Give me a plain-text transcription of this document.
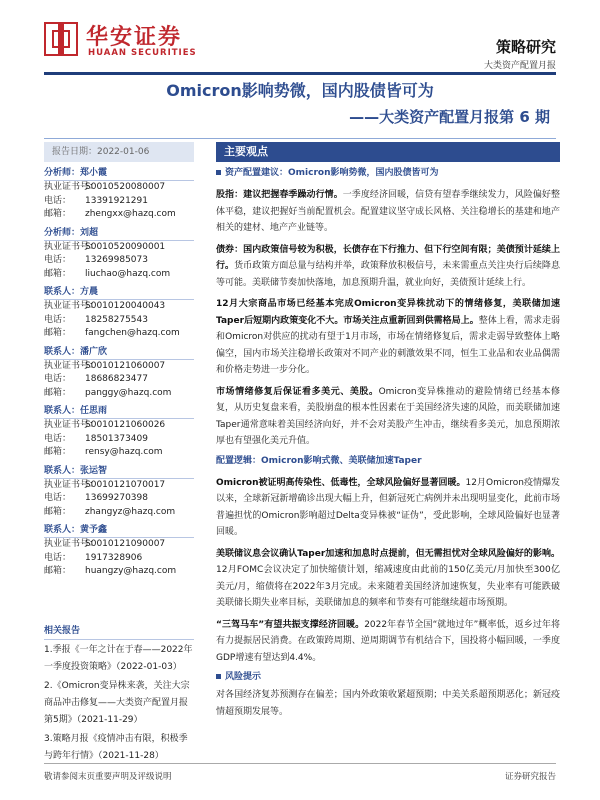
华安证券
HUAAN SECURITIES	策略研究
大类资产配置月报
Omicron影响势微，国内股债皆可为
——大类资产配置月报第 6 期
报告日期：2022-01-06
分析师：郑小霞
执业证书号：S0010520080007
电话： 13391921291
邮箱： zhengxx@hazq.com
分析师：刘超
执业证书号：S0010520090001
电话： 13269985073
邮箱： liuchao@hazq.com
联系人：方晨
执业证书号：S0010120040043
电话： 18258275543
邮箱： fangchen@hazq.com
联系人：潘广欣
执业证书号：S0010121060007
电话： 18686823477
邮箱： panggy@hazq.com
联系人：任思雨
执业证书号：S0010121060026
电话： 18501373409
邮箱： rensy@hazq.com
联系人：张运智
执业证书号：S0010121070017
电话： 13699270398
邮箱： zhangyz@hazq.com
联系人：黄予鑫
执业证书号：S0010121090007
电话： 1917328906
邮箱： huangzy@hazq.com
相关报告
1.季报《一年之计在于春——2022年一季度投资策略》（2022-01-03）
2.《Omicron变异株来袭，关注大宗商品冲击修复——大类资产配置月报第5期》（2021-11-29）
3.策略月报《疫情冲击有限，积极季与跨年行情》（2021-11-28）
主要观点
资产配置建议：Omicron影响势微，国内股债皆可为
股指：建议把握春季躁动行情。一季度经济回暖，信贷有望春季继续发力，风险偏好整体平稳，建议把握好当前配置机会。配置建议坚守成长风格、关注稳增长的基建和地产相关的建材、地产产业链等。
债券：国内政策信号较为积极，长债存在下行推力、但下行空间有限；美债预计延续上行。货币政策方面总量与结构并举，政策释放积极信号，未来需重点关注央行后续降息等可能。美联储节奏加快落地，加息预期升温，就业向好，美债预计延续上行。
12月大宗商品市场已经基本完成Omicron变异株扰动下的情绪修复，美联储加速Taper后短期内政策变化不大。市场关注点重新回到供需格局上。整体上看，需求走弱和Omicron对供应的扰动有望于1月市场，市场在情绪修复后，需求走弱导致整体上略偏空，国内市场关注稳增长政策对不同产业的刺激效果不同，恒生工业品和农业品偶需和价格走势进一步分化。
市场情绪修复后保证看多美元、美股。Omicron变异株推动的避险情绪已经基本修复，从历史复盘来看，美股崩盘的根本性因素在于美国经济失速的风险，而美联储加速Taper通常意味着美国经济向好，并不会对美股产生冲击，继续看多美元，加息预期浓厚也有望强化美元升值。
配置逻辑：Omicron影响式微、美联储加速Taper
Omicron被证明高传染性、低毒性，全球风险偏好显著回暖。12月Omicron疫情爆发以来，全球新冠新增确诊出现大幅上升，但新冠死亡病例并未出现明显变化，此前市场普遍担忧的Omicron影响超过Delta变异株被“证伪”，受此影响，全球风险偏好也显著回暖。
美联储议息会议确认Taper加速和加息时点提前，但无需担忧对全球风险偏好的影响。12月FOMC会议决定了加快缩债计划，缩减速度由此前的150亿美元/月加快至300亿美元/月，缩债将在2022年3月完成。未来随着美国经济加速恢复，失业率有可能跌破美联储长期失业率目标，美联储加息的频率和节奏有可能继续超市场预期。
“三驾马车”有望共振支撑经济回暖。2022年春节全国“就地过年”概率低，返乡过年将有力提振居民消费。在政策跨周期、逆周期调节有机结合下，国投将小幅回暖，一季度GDP增速有望达到4.4%。
风险提示
对各国经济复苏预测存在偏差；国内外政策收紧超预期；中美关系超预期恶化；新冠疫情超预期发展等。
敬请参阅末页重要声明及评级说明	证券研究报告
